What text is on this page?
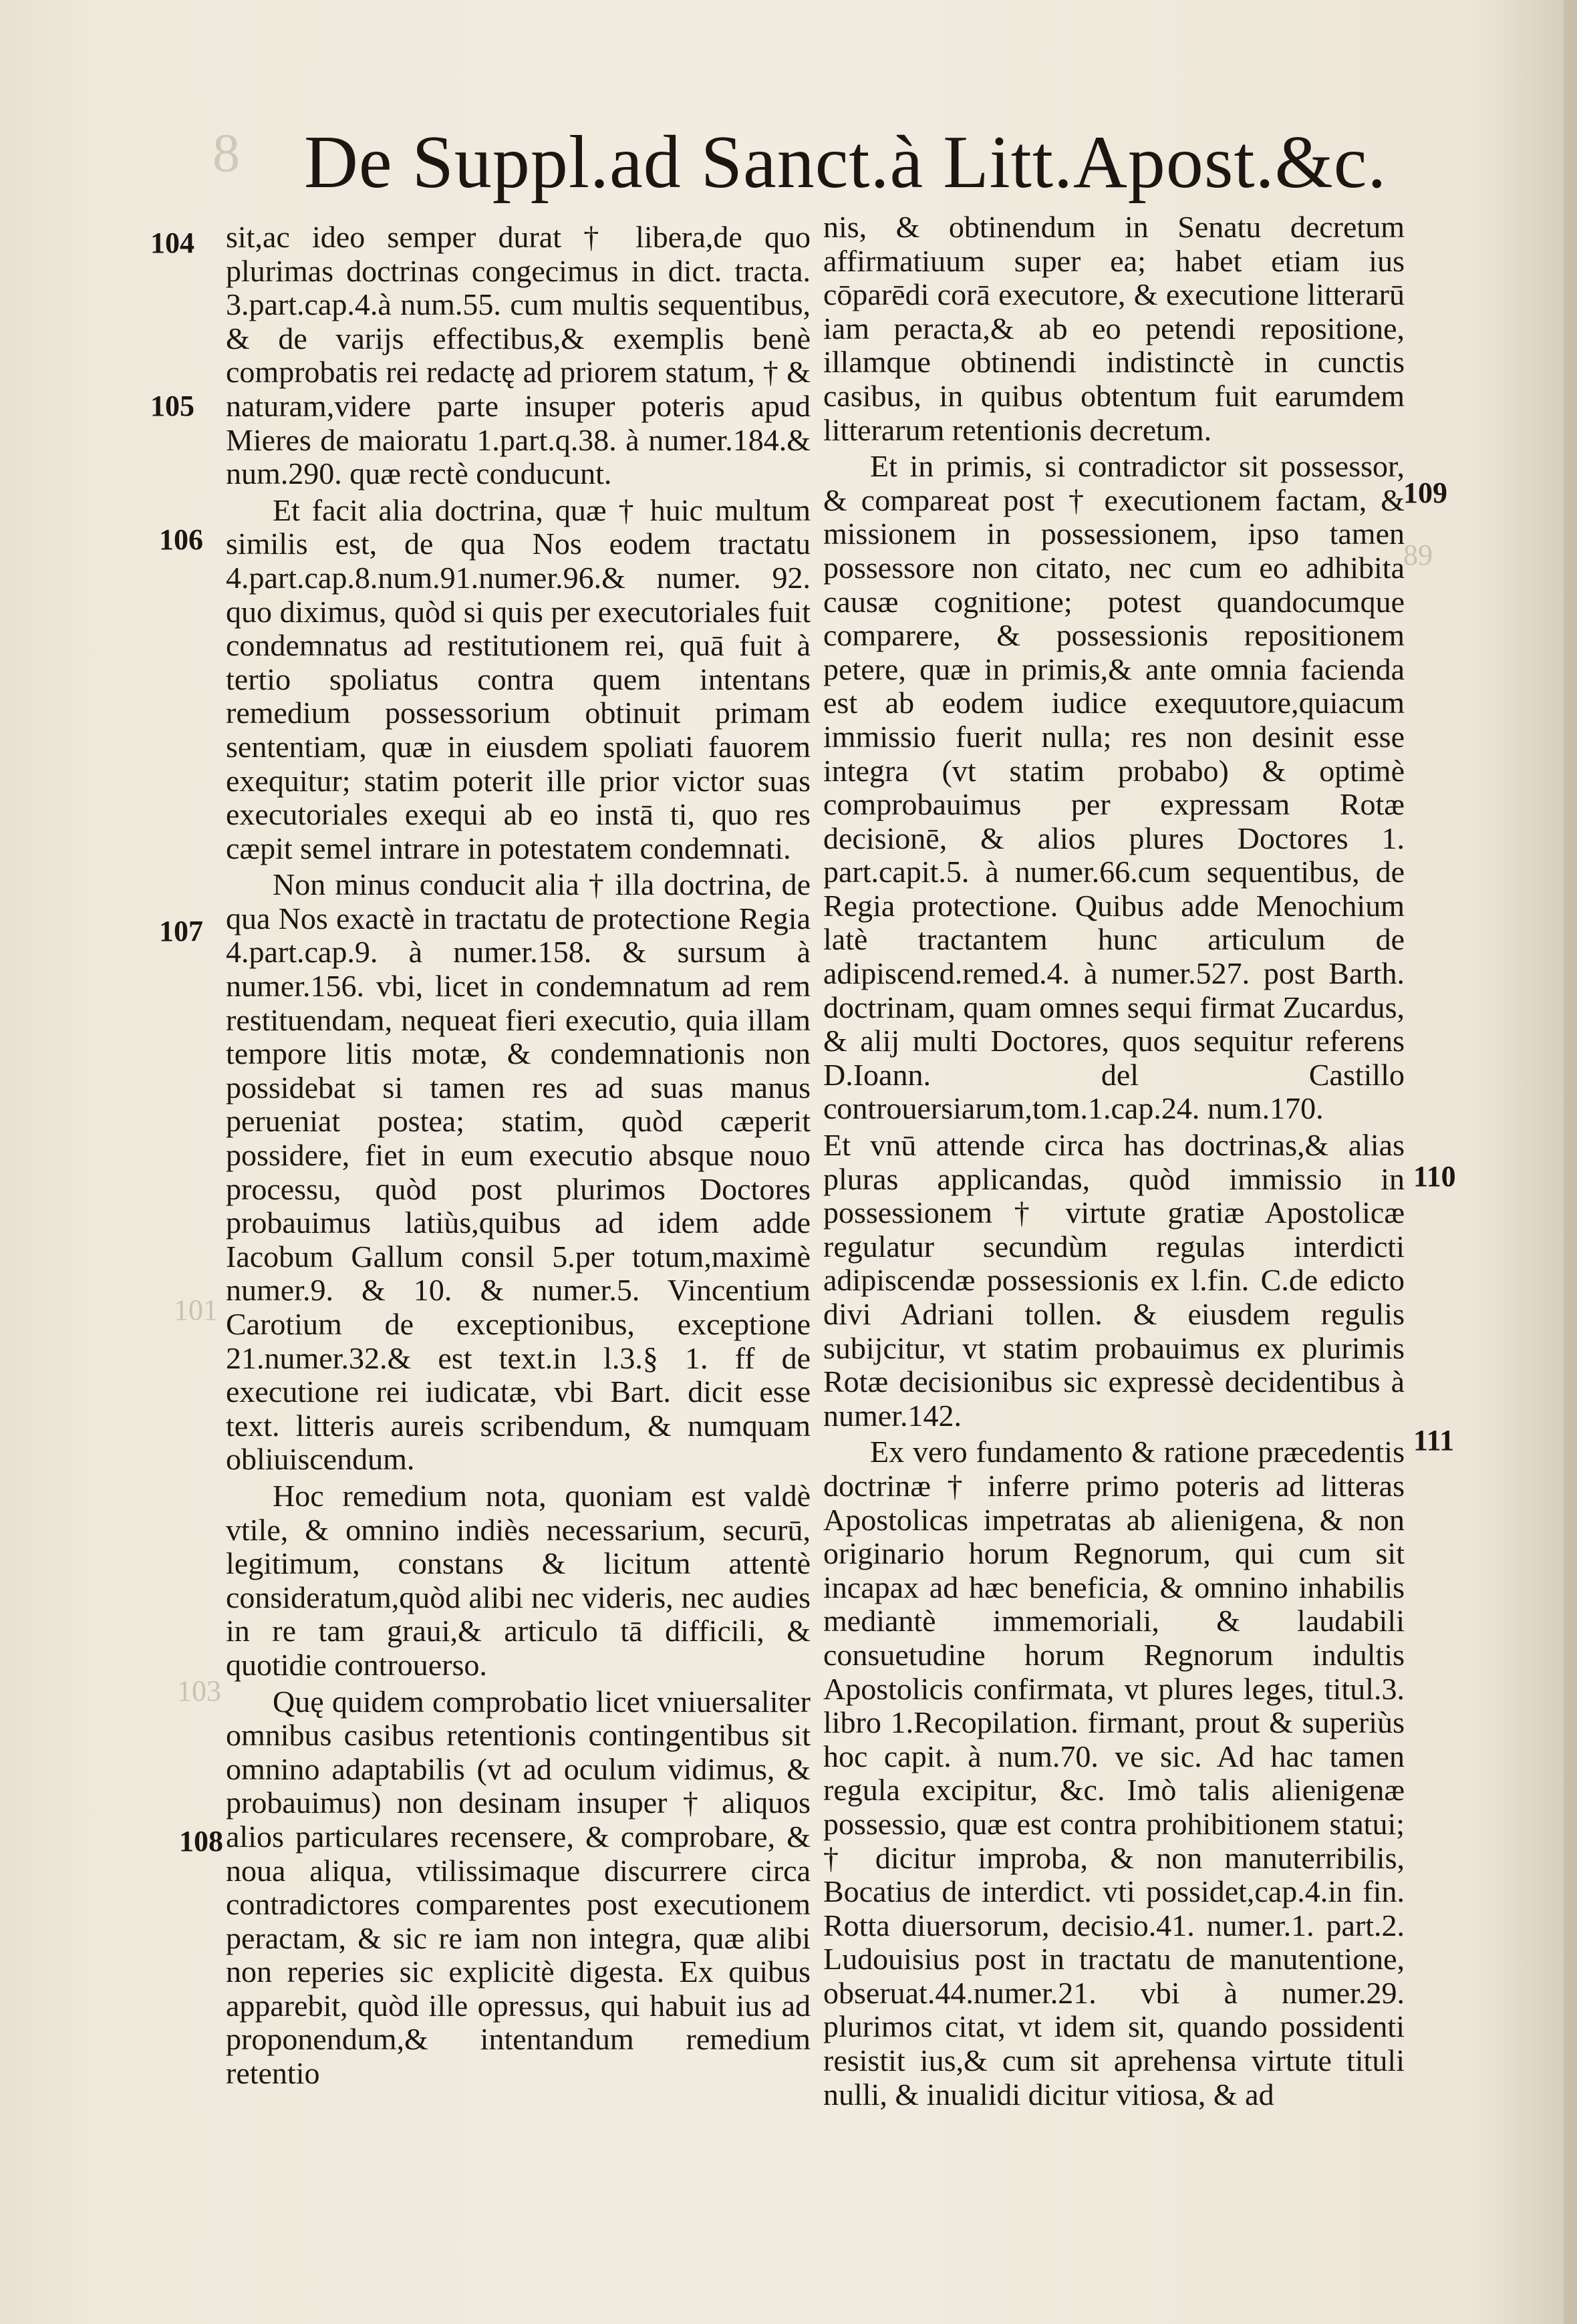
8 De Suppl.ad Sanct.à Litt.Apost.&c.
104
105
106
107
108
109
110
111
101
103
89

sit,ac ideo semper durat † libera,de quo plurimas doctrinas congecimus in dict. tracta. 3.part.cap.4.à num.55. cum multis sequentibus, & de varijs effectibus,& exemplis benè comprobatis rei redactę ad priorem statum, † & naturam,videre parte insuper poteris apud Mieres de maioratu 1.part.q.38. à numer.184.& num.290. quæ rectè conducunt.

Et facit alia doctrina, quæ † huic multum similis est, de qua Nos eodem tractatu 4.part.cap.8.num.91.numer.96.& numer. 92. quo diximus, quòd si quis per executoriales fuit condemnatus ad restitutionem rei, quā fuit à tertio spoliatus contra quem intentans remedium possessorium obtinuit primam sententiam, quæ in eiusdem spoliati fauorem exequitur; statim poterit ille prior victor suas executoriales exequi ab eo instā ti, quo res cæpit semel intrare in potestatem condemnati.

Non minus conducit alia † illa doctrina, de qua Nos exactè in tractatu de protectione Regia 4.part.cap.9. à numer.158. & sursum à numer.156. vbi, licet in condemnatum ad rem restituendam, nequeat fieri executio, quia illam tempore litis motæ, & condemnationis non possidebat si tamen res ad suas manus perueniat postea; statim, quòd cæperit possidere, fiet in eum executio absque nouo processu, quòd post plurimos Doctores probauimus latiùs,quibus ad idem adde Iacobum Gallum consil 5.per totum,maximè numer.9. & 10. & numer.5. Vincentium Carotium de exceptionibus, exceptione 21.numer.32.& est text.in l.3.§ 1. ff de executione rei iudicatæ, vbi Bart. dicit esse text. litteris aureis scribendum, & numquam obliuiscendum.

Hoc remedium nota, quoniam est valdè vtile, & omnino indiès necessarium, securū, legitimum, constans & licitum attentè consideratum,quòd alibi nec videris, nec audies in re tam graui,& articulo tā difficili, & quotidie controuerso.

Quę quidem comprobatio licet vniuersaliter omnibus casibus retentionis contingentibus sit omnino adaptabilis (vt ad oculum vidimus, & probauimus) non desinam insuper † aliquos alios particulares recensere, & comprobare, & noua aliqua, vtilissimaque discurrere circa contradictores comparentes post executionem peractam, & sic re iam non integra, quæ alibi non reperies sic explicitè digesta. Ex quibus apparebit, quòd ille opressus, qui habuit ius ad proponendum,& intentandum remedium retentio

nis, & obtinendum in Senatu decretum affirmatiuum super ea; habet etiam ius cōparēdi corā executore, & executione litterarū iam peracta,& ab eo petendi repositione, illamque obtinendi indistinctè in cunctis casibus, in quibus obtentum fuit earumdem litterarum retentionis decretum.

Et in primis, si contradictor sit possessor, & compareat post † executionem factam, & missionem in possessionem, ipso tamen possessore non citato, nec cum eo adhibita causæ cognitione; potest quandocumque comparere, & possessionis repositionem petere, quæ in primis,& ante omnia facienda est ab eodem iudice exequutore,quiacum immissio fuerit nulla; res non desinit esse integra (vt statim probabo) & optimè comprobauimus per expressam Rotæ decisionē, & alios plures Doctores 1. part.capit.5. à numer.66.cum sequentibus, de Regia protectione. Quibus adde Menochium latè tractantem hunc articulum de adipiscend.remed.4. à numer.527. post Barth. doctrinam, quam omnes sequi firmat Zucardus, & alij multi Doctores, quos sequitur referens D.Ioann. del Castillo controuersiarum,tom.1.cap.24. num.170.

Et vnū attende circa has doctrinas,& alias pluras applicandas, quòd immissio in possessionem † virtute gratiæ Apostolicæ regulatur secundùm regulas interdicti adipiscendæ possessionis ex l.fin. C.de edicto divi Adriani tollen. & eiusdem regulis subijcitur, vt statim probauimus ex plurimis Rotæ decisionibus sic expressè decidentibus à numer.142.

Ex vero fundamento & ratione præcedentis doctrinæ † inferre primo poteris ad litteras Apostolicas impetratas ab alienigena, & non originario horum Regnorum, qui cum sit incapax ad hæc beneficia, & omnino inhabilis mediantè immemoriali, & laudabili consuetudine horum Regnorum indultis Apostolicis confirmata, vt plures leges, titul.3. libro 1.Recopilation. firmant, prout & superiùs hoc capit. à num.70. ve sic. Ad hac tamen regula excipitur, &c. Imò talis alienigenæ possessio, quæ est contra prohibitionem statui; † dicitur improba, & non manuterribilis, Bocatius de interdict. vti possidet,cap.4.in fin. Rotta diuersorum, decisio.41. numer.1. part.2. Ludouisius post in tractatu de manutentione, obseruat.44.numer.21. vbi à numer.29. plurimos citat, vt idem sit, quando possidenti resistit ius,& cum sit aprehensa virtute tituli nulli, & inualidi dicitur vitiosa, & ad
